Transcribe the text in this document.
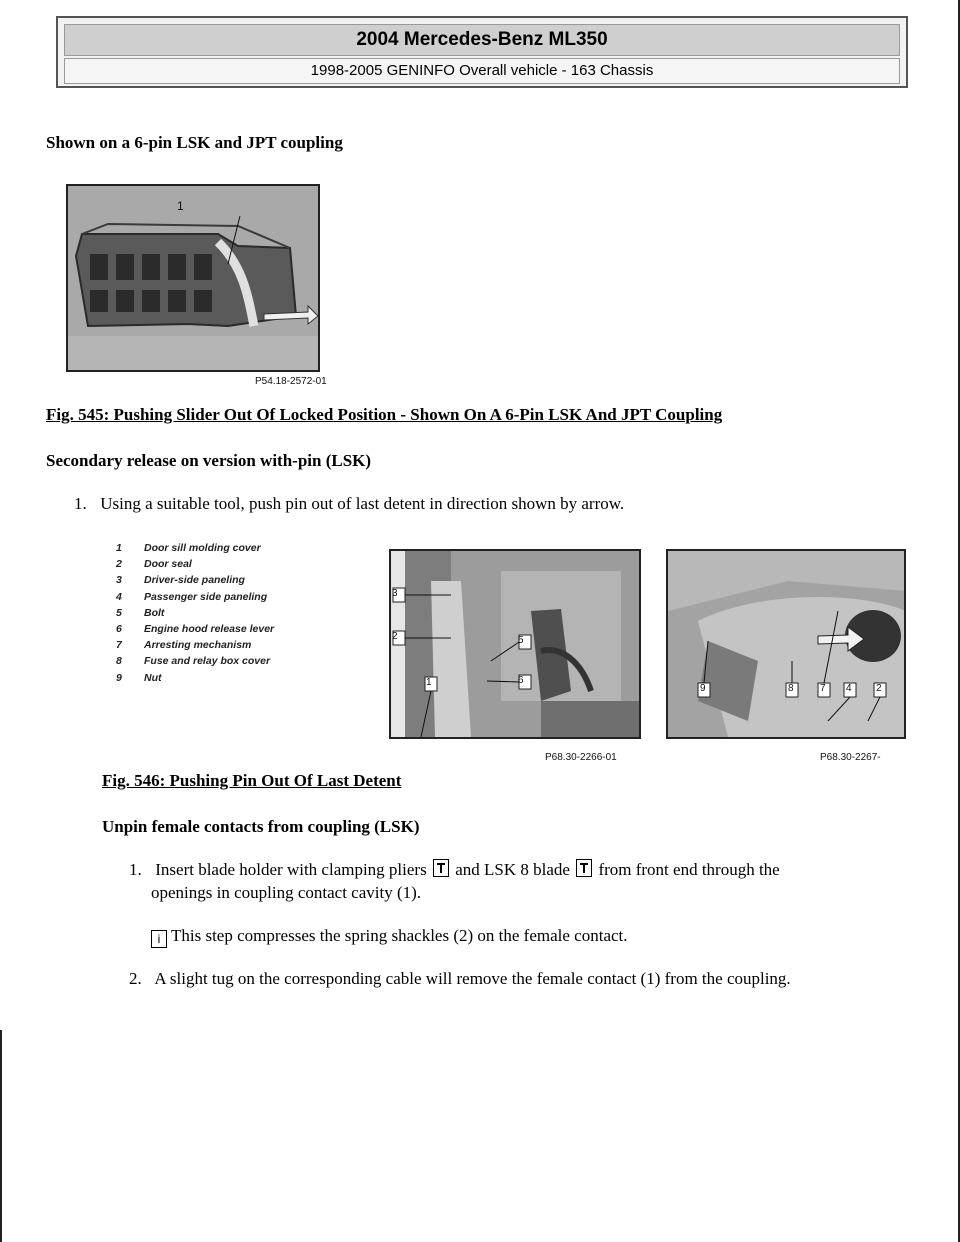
2004 Mercedes-Benz ML350
1998-2005 GENINFO Overall vehicle - 163 Chassis
Shown on a 6-pin LSK and JPT coupling
1
P54.18-2572-01
Fig. 545: Pushing Slider Out Of Locked Position - Shown On A 6-Pin LSK And JPT Coupling
Secondary release on version with-pin (LSK)
1. Using a suitable tool, push pin out of last detent in direction shown by arrow.
1	Door sill molding cover
2	Door seal
3	Driver-side paneling
4	Passenger side paneling
5	Bolt
6	Engine hood release lever
7	Arresting mechanism
8	Fuse and relay box cover
9	Nut
3
2	5
6
1
P68.30-2266-01
9	8	7 4 2
P68.30-2267-
Fig. 546: Pushing Pin Out Of Last Detent
Unpin female contacts from coupling (LSK)
1. Insert blade holder with clamping pliers and LSK 8 blade from front end through the
openings in coupling contact cavity (1).
i This step compresses the spring shackles (2) on the female contact.
2. A slight tug on the corresponding cable will remove the female contact (1) from the coupling.
